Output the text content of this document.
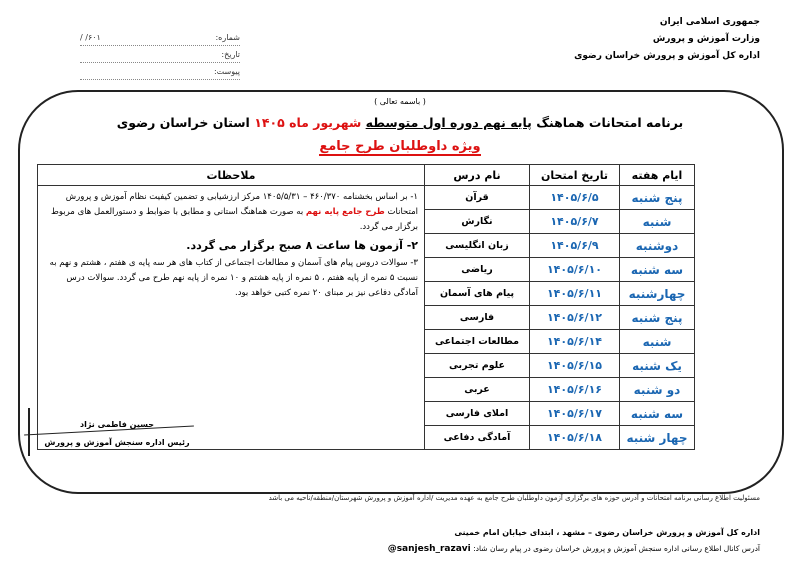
جمهوری اسلامی ایران
وزارت آموزش و پرورش
اداره کل آموزش و پرورش خراسان رضوی
شماره:
۶۰۱/ /
تاریخ:
پیوست:
( باسمه تعالی )
برنامه امتحانات هماهنگ پایه نهم دوره اول متوسطه شهریور ماه ۱۴۰۵ استان خراسان رضوی
ویژه داوطلبان طرح جامع
ایام هفته	تاریخ امتحان	نام درس	ملاحظات
پنج شنبه	۱۴۰۵/۶/۵	قرآن	۱- بر اساس بخشنامه ۴۶۰/۳۷۰ – ۱۴۰۵/۵/۳۱ مرکز ارزشیابی و تضمین کیفیت نظام آموزش و پرورش امتحانات طرح جامع پایه نهم به صورت هماهنگ استانی و مطابق با ضوابط و دستورالعمل های مربوط برگزار می گردد.

۲- آزمون ها ساعت ۸ صبح برگزار می گردد.

۳- سوالات دروس پیام های آسمان و مطالعات اجتماعی از کتاب های هر سه پایه ی هفتم ، هشتم و نهم به نسبت ۵ نمره از پایه هفتم ، ۵ نمره از پایه هشتم و ۱۰ نمره از پایه نهم طرح می گردد. سوالات درس آمادگی دفاعی نیز بر مبنای ۲۰ نمره کتبی خواهد بود.

شنبه	۱۴۰۵/۶/۷	نگارش	
دوشنبه	۱۴۰۵/۶/۹	زبان انگلیسی	
سه شنبه	۱۴۰۵/۶/۱۰	ریاضی	
چهارشنبه	۱۴۰۵/۶/۱۱	پیام های آسمان	
پنج شنبه	۱۴۰۵/۶/۱۲	فارسی	
شنبه	۱۴۰۵/۶/۱۴	مطالعات اجتماعی	
یک شنبه	۱۴۰۵/۶/۱۵	علوم تجربی	
دو شنبه	۱۴۰۵/۶/۱۶	عربی	
سه شنبه	۱۴۰۵/۶/۱۷	املای فارسی	
چهار شنبه	۱۴۰۵/۶/۱۸	آمادگی دفاعی	
حسین فاطمی نژاد
رئیس اداره سنجش آموزش و پرورش
مسئولیت اطلاع رسانی برنامه امتحانات و آدرس حوزه های برگزاری آزمون داوطلبان طرح جامع به عهده مدیریت /اداره آموزش و پرورش شهرستان/منطقه/ناحیه می باشد
اداره کل آموزش و پرورش خراسان رضوی – مشهد ، ابتدای خیابان امام خمینی
آدرس کانال اطلاع رسانی اداره سنجش آموزش و پرورش خراسان رضوی در پیام رسان شاد: @sanjesh_razavi
